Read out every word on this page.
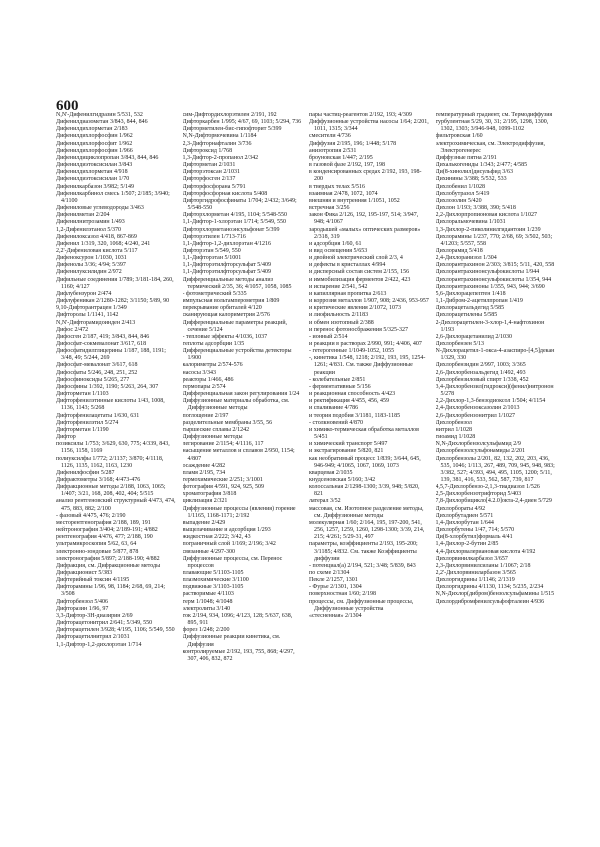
600

N,N'-Дифенилгидразин 5/531, 532

Дифенилдиазометан 3/843, 844, 846

Дифенилдихлорметан 2/183

Дифенилдихлорфосфин 1/962

Дифенилдихлорфосфит 1/962

Дифенилдихлорфосфин 1/966

Дифенилдициклопропан 3/843, 844, 846

Дифенилдиэтоксисилан 3/843

Дифенилдихлорметан 4/918

Дифенилдиэтоксисилан 1/70

Дифенилкарбазон 3/982; 5/149

Дифенилкарбинол смесь 1/507; 2/185; 3/940; 4/1100

Дифениловые углеводороды 3/463

Дифенилметан 2/204

Дифенилнитрозамин 1/493

1,2-Дифенилэтанол 5/370

Дифенилоксазол 4/418, 867-869

Дифенил 1/319, 320, 1068; 4/240, 241

2,2'-Дифениловая кислота 5/117

Дифеноксурон 1/1030, 1031

Дифенолы 3/36; 4/94; 5/397

Дифенилуксилидин 2/972

Дифильные соединения 1/789; 3/181-184, 260, 1160; 4/127

Дифлубензурон 2/474

Дифлуфеникан 2/1280-1282; 3/1150; 5/89, 90

9,10-Дифторантрацен 1/349

Дифторолы 1/1141, 1142

N,N'-Дифторамидоинден 2/413

Дифос 2/472

Дифосген 2/187, 419; 3/843, 844, 846

Дифосфат-сокмевалонат 3/617, 618

Дифосфатидилглицерины 1/187, 188, 1191; 3/48, 49; 5/244, 269

Дифосфат-мевалонат 3/617, 618

Дифосфаты 5/246, 248, 251, 252

Дифосфиноксиды 5/265, 277

Дифосфины 1/392, 1190; 5/263, 264, 307

Дифторметан 1/1103

Дифторфенилэтинные кислоты 1/43, 1008, 1136, 1143; 5/268

Дифторфенилацетаты 1/630, 631

Дифторфенилэтил 5/274

Дифторметан 1/1190

Дифтор

позиксилы 1/753; 3/629, 630, 775; 4/339, 843, 1156, 1158, 1169

полиуксилфы 1/772; 2/1137; 3/870; 4/1118, 1126, 1135, 1162, 1163, 1230

Дифенилфосфин 5/287

Дифрактометры 3/168; 4/473-476

Дифракционные методы 2/188, 1063, 1065; 1/407; 3/21, 168, 208, 402, 404; 5/515

анализ рентгеновский структурный 4/473, 474, 475, 883, 882; 2/100

- фазовый 4/475, 476; 2/190

месторентгенография 2/188, 189, 191

нейтронография 3/404; 2/189-191; 4/882

рентгенография 4/476, 477; 2/188, 190

ультрамикроскопия 5/62, 63, 64

электронно-зондовые 5/877, 878

электронография 5/897; 2/188-190; 4/882

Дифракция, см. Дифракционные методы

Дифракционист 5/383

Дифтерийный токсин 4/1195

Дифторамины 1/96, 98, 1184; 2/68, 69, 214; 3/508

Дифторбензол 5/406

Дифторазин 1/96, 97

3,3-Дифтор-3Н-диазирин 2/69

Дифторацетонитрил 2/641; 5/349, 550

Дифторацетилен 3/928; 4/195, 1106; 5/549, 550

Дифторацетилнитрил 2/1031

1,1-Дифтор-1,2-дихлорэтан 1/714

сим-Дифтордихлорэтилен 2/191, 192

Дифторкарбен 1/995; 4/67, 69, 1103; 5/294, 736

Дифторметилен-бис-гипофторит 5/399

N,N-Дифтормочевина 1/1184

2,3-Дифторнафталин 3/736

Дифтороксид 1/768

1,3-Дифтор-2-пропанол 2/342

Дифторметан 2/1031

Дифторэтоксан 2/1031

Дифторфосген 2/137

Дифторфосфорана 5/791

Дифторфосфорная кислота 5/408

Дифторгидрофосфинаты 1/704; 2/432; 3/649; 5/548-550

Дифторхлорметан 4/195, 1104; 5/548-550

1,1-Дифтор-1-хлорэтан 1/714; 5/549, 550

Дифторхлорметаноэнсульфонат 5/399

Дифторэтилен 1/713-716

1,1-Дифтор-1,2-дихлорэтан 4/1216

Дифторэтан 5/549, 550

1,1-Дифторэтан 5/1001

1,1-Дифторэтилфторсульфат 5/409

1,1-Дифторэтилфторсульфат 5/409

Дифференциальные методы анализ термический 2/35, 36; 4/1057, 1058, 1085

- фотометрический 5/335

импульсная вольтамперометрия 1/809

перекрывание орбиталей 4/120

сканирующая калориметрия 2/576

Дифференциальные параметры реакций, сечение 5/124

- тепловые эффекты 4/1036, 1037

теплоты адсорбции 1/35

Дифференциальные устройства детекторы 1/900

калориметры 2/574-576

насосы 3/343

реакторы 1/466, 486

термопары 2/574

Дифференциальная закон регулирования 1/24

Диффузионные материалы обработка, см. Диффузионные методы

поглощение 2/197

разделительные мембраны 3/55, 56

тыршеские сплавы 2/1242

Диффузионные методы

легирование 2/1154; 4/1116, 117

насыщение металлов и сплавов 2/950, 1154; 4/807

осаждение 4/282

пламя 2/195, 734

термохимические 2/251; 3/1001

фотография 4/591, 924, 925, 509

хроматография 3/818

циклизация 2/321

Диффузионные процессы (явления) горение 1/1165, 1168-1171; 2/192

выпадение 2/429

выщелачивание и адсорбция 1/293

жидкостная 2/222; 3/42, 43

пограничный слой 1/169; 2/196; 3/42

связанные 4/297-300

Диффузионные процессы, см. Перенос процессов

плавающие 5/1103-1105

плазмохимические 3/1100

подвижные 3/1103-1105

растворимые 4/1103

терм 1/1048; 4/1048

электролиты 3/140

ток 2/194, 934, 1096; 4/123, 128; 5/637, 638, 895, 911

форез 1/248; 2/200

Диффузионные реакции кинетика, см. Диффузия

контролируемые 2/192, 193, 755, 868; 4/297, 307, 406, 832, 872

пары частиц-реагентов 2/192, 193; 4/309

Диффузионные устройства насосы 1/64; 2/201, 1011, 1315; 3/344

смесители 4/736

Диффузия 2/195, 196; 1/448; 5/178

анизотропия 2/531

броуновская 1/447; 2/195

в газовой фазе 2/192, 197, 198

в конденсированных средах 2/192, 193, 198-200

в твердых телах 5/516

взаимная 2/478, 1072, 1074

внешняя и внутренняя 1/1051, 1052

встречная 3/256

закон Фика 2/126, 192, 195-197, 514; 3/947, 948; 4/1067

зародышей «малых» оптических размеров» 2/318, 319

и адсорбция 1/60, 61

и вид освещения 5/653

и двойной электрический слой 2/3, 4

и дефекты в кристаллах 4/994

и дисперсный состав систем 2/155, 156

и иммобилизация ферментов 2/422, 423

и испарение 2/541, 542

и капиллярная пропитка 2/613

и коррозия металлов 1/907, 908; 2/436, 953-957

и критические явления 2/1072, 1073

и лиофильность 2/1183

и обмен изотопный 2/388

и перенос фотоносбражения 5/325-327

- ионный 2/514

и реакции в растворах 2/990, 991; 4/406, 407

- гетерогенные 1/1049-1052, 1055

-, кинетика 1/548, 1218; 2/192, 193, 195, 1254-1261; 4/831. См. также Диффузионные реакции

- колебательные 2/851

- ферментативные 5/156

и реакционная способность 4/423

и ректификация 4/455, 456, 459

и спаливание 4/786

и теория подобия 3/1181, 1183-1185

- столкновений 4/870

и химико-термическая обработка металлов 5/451

и химический транспорт 5/497

и экстрагирование 5/820, 821

как необратимый процесс 1/839; 3/644, 645, 946-949; 4/1065, 1067, 1069, 1073

кварцевая 2/1035

кнудсеновская 5/160; 3/42

колоссальная 2/1298-1300; 3/39, 948; 5/820, 821

латерал 3/52

массовая, см. Изотопное разделение методы, см. Диффузионные методы

молекулярная 1/60; 2/164, 195, 197-200, 541, 256, 1257, 1259, 1260, 1298-1300; 3/39, 214, 215; 4/261; 5/29-31, 497

параметры, коэффициенты 2/193, 195-200; 3/1185; 4/832. См. также Коэффициенты диффузии

- потенциал(а) 2/194, 521; 3/48; 5/839, 843

по схеме 2/1304

Пекле 2/1257, 1301

- Фурье 2/1301, 1304

поверхностная 1/60; 2/198

процессы, см. Диффузионные процессы, Диффузионные устройства

«стесненная» 2/1304

температурный градиент, см. Термодиффузия

турбулентная 5/29, 30, 31; 2/195, 1298, 1300, 1302, 1303; 3/946-948, 1099-1102

фильтровская 1/60

электрохимическая, см. Электродиффузия, Электрогенерес

Диффузные пятна 2/191

Дихалькогениды 1/343; 2/477; 4/585

Ди(8-хинолил)дисульфид 3/63

Дихинины 3/388; 5/532, 533

Дихлобенил 1/1028

Дихлобутразол 5/419

Дихлозолин 5/420

Дихлон 1/193; 3/388, 390; 5/418

2,2-Дихлорпропионовая кислота 1/1027

Дихлоральмочевина 1/1031

1,3-Дихлор-2-пиколинилгидантоин 1/239

Дихлорамины 1/237, 770; 2/68, 69; 3/502, 503; 4/1203; 5/557, 558

Дихлорамид 5/418

2,4-Дихлоранизол 1/304

Дихлорантрахинон 2/303; 3/815; 5/11, 420, 558

Дихлорантрахинонсульфокислоты 1/944

Дихлорантрахинонсульфокислоты 1/354, 944

Дихлорантрахиноны 1/355, 943, 944; 3/690

5,6-Дихлорацепептен 1/418

1,1-Дибром-2-ацетилпропан 1/419

Дихлорацетальдегид 5/585

Дихлорацетилены 5/585

2-Дихлорацетилен-3-хлор-1,4-нафтохинон 1/193

2,6-Дихлорацетанилид 2/1030

Дихлорбензен 5/13

N-Дихлорацетил-1-окса-4-азаспиро-[4,5]декан 1/329, 330

Дихлорбензидин 2/997, 1003; 3/365

2,6-Дихлорбензальдегид 1/492, 493

Дихлорбензиловый спирт 1/338, 452

3,4-Дихлорбензил(гидрокси)(фенил)нитронон 5/278

2,2-Дихлор-1,3-бензодиоксол 1/504; 4/1154

2,4-Дихлорбензоксазолин 2/1013

2,6-Дихлорбензонитрил 1/1027

Дихлорбензол

нитрил 1/1028

тиоамид 1/1028

N,N-Дихлорбензолсульфамид 2/9

Дихлорбензолсульфонамиды 2/201

Дихлорбензолы 2/201, 82, 132, 202, 203, 436, 535, 1046; 1/113, 267, 489, 709, 945, 948, 983; 3/382, 527; 4/393, 494, 495, 1105, 1200; 5/11, 139, 381, 416, 533, 562, 587, 739, 817

4,5,7-Дихлорбензо-2,1,3-тиадиазол 1/526

2,5-Дихлорбензотрифторид 5/403

7,8-Дихлорбицикло[4.2.0]окта-2,4-диен 5/729

Дихлорбораты 4/92

Дихлорбутадиен 5/571

1,4-Дихлорбутан 1/644

Дихлорбутены 1/47, 714; 5/570

Ди(8-хлорбутил)формаль 4/41

1,4-Дихлор-2-бутин 2/85

4,4-Дихлорвалериановая кислота 4/192

Дихлорвинилкарбазол 3/657

2,3-Дихлорвинилсиланы 1/1067; 2/18

2,2'-Дихлорвиниларбазон 3/565

Дихлоргидрины 1/1146; 2/1319

Дихлоргидрины 4/1130, 1134; 5/235, 2/234

N,N-Дихлор(дибром)бензолсульфамины 1/515

Дихлордибромфенилсульфофталеин 4/936
